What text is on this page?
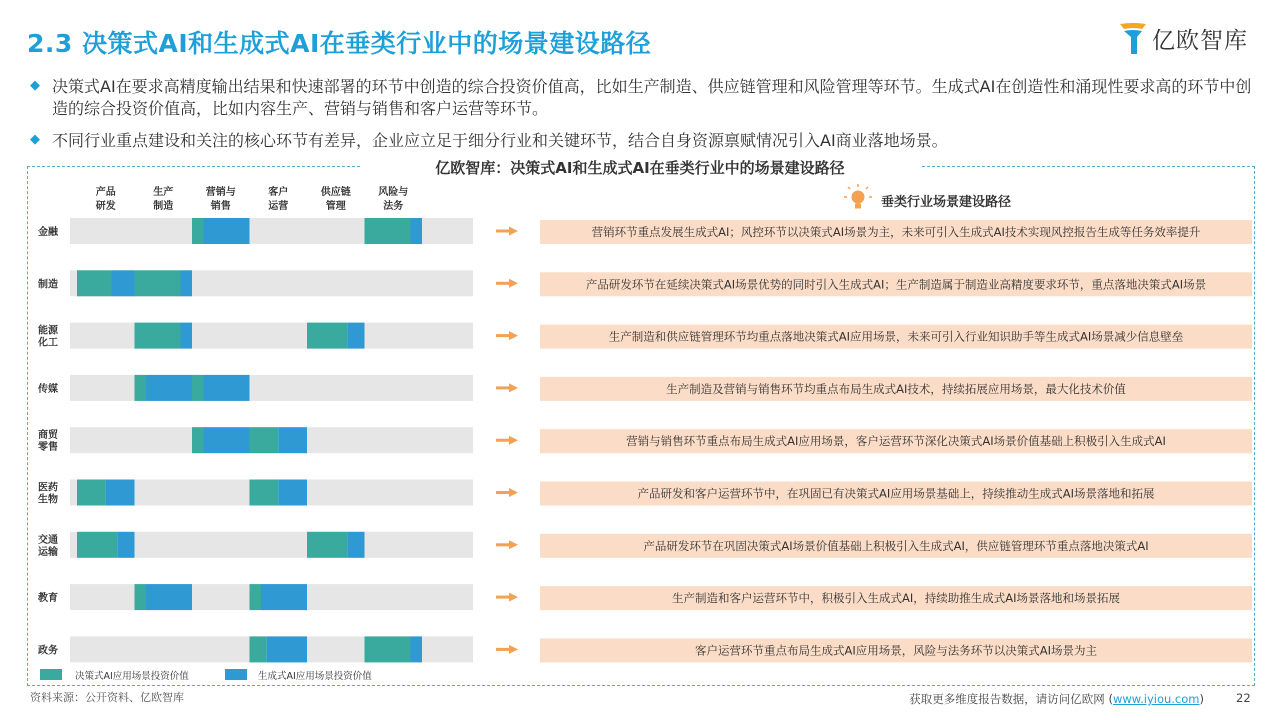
2.3 决策式AI和生成式AI在垂类行业中的场景建设路径	亿欧智库
◆ 决策式AI在要求高精度输出结果和快速部署的环节中创造的综合投资价值高，比如生产制造、供应链管理和风险管理等环节。生成式AI在创造性和涌现性要求高的环节中创造的综合投资价值高，比如内容生产、营销与销售和客户运营等环节。
◆ 不同行业重点建设和关注的核心环节有差异，企业应立足于细分行业和关键环节，结合自身资源禀赋情况引入AI商业落地场景。
亿欧智库：决策式AI和生成式AI在垂类行业中的场景建设路径
产品研发
生产制造
营销与销售
客户运营
供应链管理
风险与法务	垂类行业场景建设路径
金融	营销环节重点发展生成式AI；风控环节以决策式AI场景为主，未来可引入生成式AI技术实现风控报告生成等任务效率提升
制造	产品研发环节在延续决策式AI场景优势的同时引入生成式AI；生产制造属于制造业高精度要求环节，重点落地决策式AI场景
能源化工	生产制造和供应链管理环节均重点落地决策式AI应用场景，未来可引入行业知识助手等生成式AI场景减少信息壁垒
传媒	生产制造及营销与销售环节均重点布局生成式AI技术，持续拓展应用场景，最大化技术价值
商贸零售	营销与销售环节重点布局生成式AI应用场景，客户运营环节深化决策式AI场景价值基础上积极引入生成式AI
医药生物	产品研发和客户运营环节中，在巩固已有决策式AI应用场景基础上，持续推动生成式AI场景落地和拓展
交通运输	产品研发环节在巩固决策式AI场景价值基础上积极引入生成式AI，供应链管理环节重点落地决策式AI
教育	生产制造和客户运营环节中，积极引入生成式AI，持续助推生成式AI场景落地和场景拓展
政务	客户运营环节重点布局生成式AI应用场景，风险与法务环节以决策式AI场景为主
决策式AI应用场景投资价值	生成式AI应用场景投资价值
资料来源：公开资料、亿欧智库	获取更多维度报告数据，请访问亿欧网 (www.iyiou.com)	22
